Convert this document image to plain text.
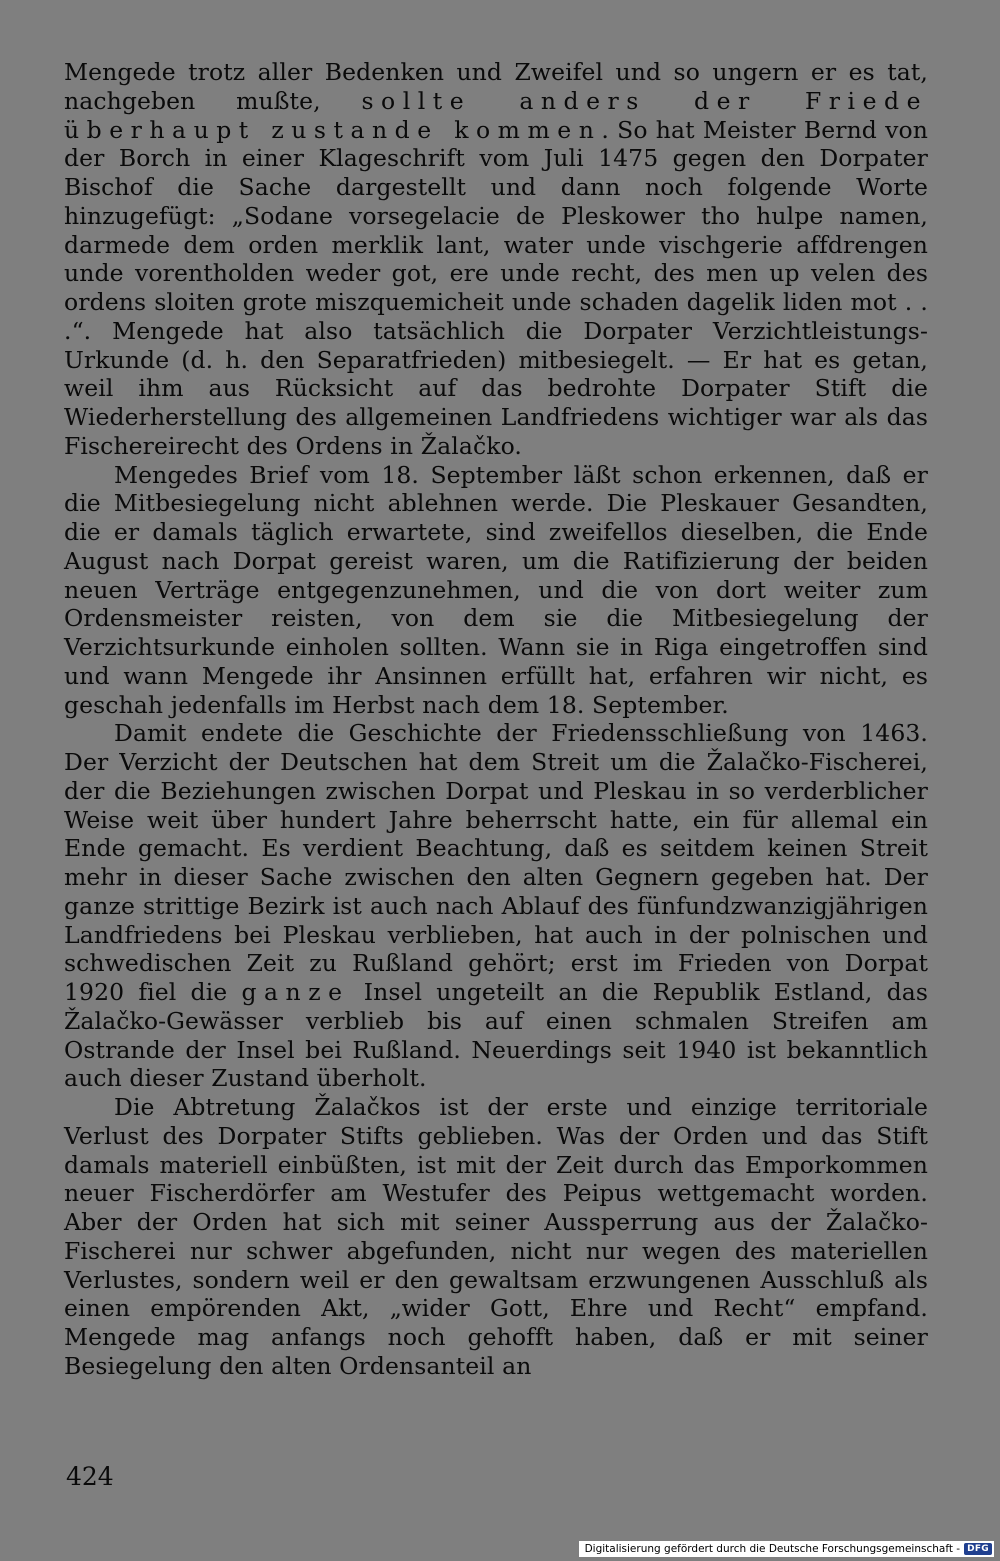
Mengede trotz aller Bedenken und Zweifel und so ungern er es tat, nachgeben mußte, sollte anders der Friede überhaupt zustande kommen. So hat Meister Bernd von der Borch in einer Klageschrift vom Juli 1475 gegen den Dorpater Bischof die Sache dargestellt und dann noch folgende Worte hinzugefügt: „Sodane vorsegelacie de Pleskower tho hulpe namen, darmede dem orden merklik lant, water unde vischgerie affdrengen unde vorentholden weder got, ere unde recht, des men up velen des ordens sloiten grote miszquemicheit unde schaden dagelik liden mot . . .“. Mengede hat also tatsächlich die Dorpater Verzichtleistungs-Urkunde (d. h. den Separatfrieden) mitbesiegelt. — Er hat es getan, weil ihm aus Rücksicht auf das bedrohte Dorpater Stift die Wiederherstellung des allgemeinen Landfriedens wichtiger war als das Fischereirecht des Ordens in Žalačko.

Mengedes Brief vom 18. September läßt schon erkennen, daß er die Mitbesiegelung nicht ablehnen werde. Die Pleskauer Gesandten, die er damals täglich erwartete, sind zweifellos dieselben, die Ende August nach Dorpat gereist waren, um die Ratifizierung der beiden neuen Verträge entgegenzunehmen, und die von dort weiter zum Ordensmeister reisten, von dem sie die Mitbesiegelung der Verzichtsurkunde einholen sollten. Wann sie in Riga eingetroffen sind und wann Mengede ihr Ansinnen erfüllt hat, erfahren wir nicht, es geschah jedenfalls im Herbst nach dem 18. September.

Damit endete die Geschichte der Friedensschließung von 1463. Der Verzicht der Deutschen hat dem Streit um die Žalačko-Fischerei, der die Beziehungen zwischen Dorpat und Pleskau in so verderblicher Weise weit über hundert Jahre beherrscht hatte, ein für allemal ein Ende gemacht. Es verdient Beachtung, daß es seitdem keinen Streit mehr in dieser Sache zwischen den alten Gegnern gegeben hat. Der ganze strittige Bezirk ist auch nach Ablauf des fünfundzwanzigjährigen Landfriedens bei Pleskau verblieben, hat auch in der polnischen und schwedischen Zeit zu Rußland gehört; erst im Frieden von Dorpat 1920 fiel die ganze Insel ungeteilt an die Republik Estland, das Žalačko-Gewässer verblieb bis auf einen schmalen Streifen am Ostrande der Insel bei Rußland. Neuerdings seit 1940 ist bekanntlich auch dieser Zustand überholt.

Die Abtretung Žalačkos ist der erste und einzige territoriale Verlust des Dorpater Stifts geblieben. Was der Orden und das Stift damals materiell einbüßten, ist mit der Zeit durch das Emporkommen neuer Fischerdörfer am Westufer des Peipus wettgemacht worden. Aber der Orden hat sich mit seiner Aussperrung aus der Žalačko-Fischerei nur schwer abgefunden, nicht nur wegen des materiellen Verlustes, sondern weil er den gewaltsam erzwungenen Ausschluß als einen empörenden Akt, „wider Gott, Ehre und Recht“ empfand. Mengede mag anfangs noch gehofft haben, daß er mit seiner Besiegelung den alten Ordensanteil an

424
Digitalisierung gefördert durch die Deutsche Forschungsgemeinschaft - DFG
